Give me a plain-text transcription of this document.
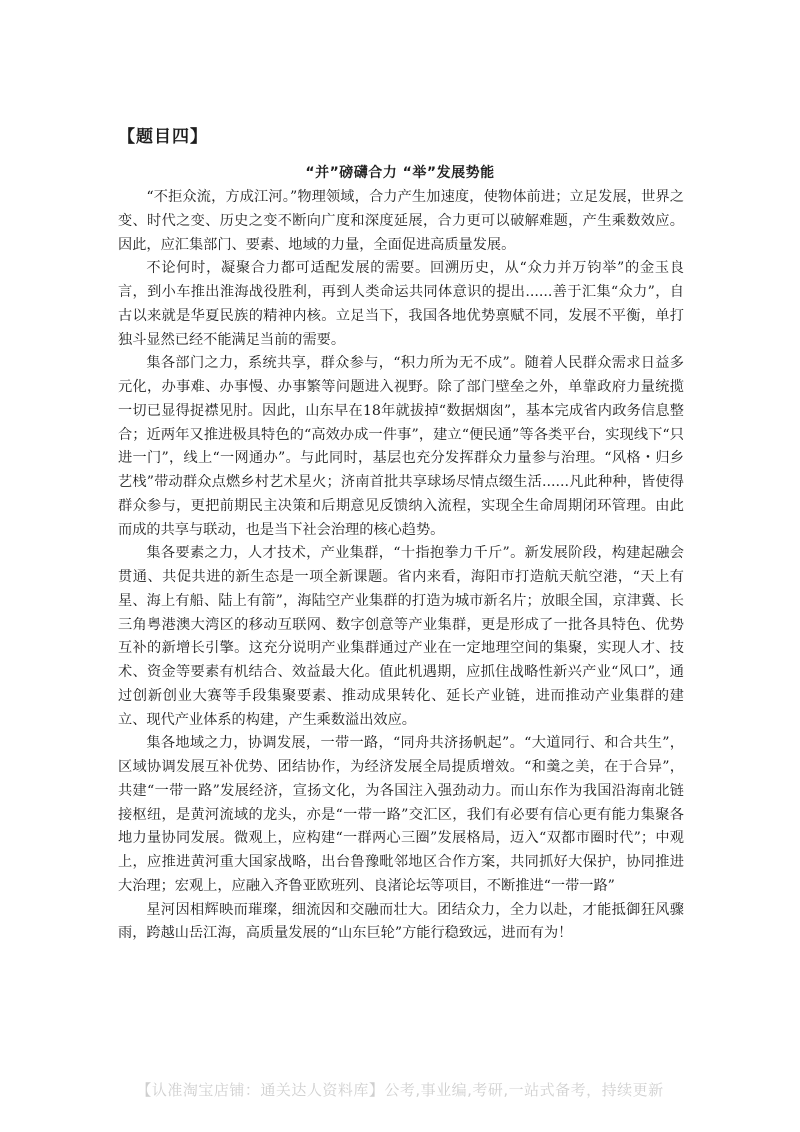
【题目四】
“并”磅礴合力 “举”发展势能

“不拒众流，方成江河。”物理领域，合力产生加速度，使物体前进；立足发展，世界之变、时代之变、历史之变不断向广度和深度延展，合力更可以破解难题，产生乘数效应。因此，应汇集部门、要素、地域的力量，全面促进高质量发展。

不论何时，凝聚合力都可适配发展的需要。回溯历史，从“众力并万钧举”的金玉良言，到小车推出淮海战役胜利，再到人类命运共同体意识的提出......善于汇集“众力”，自古以来就是华夏民族的精神内核。立足当下，我国各地优势禀赋不同，发展不平衡，单打独斗显然已经不能满足当前的需要。

集各部门之力，系统共享，群众参与，“积力所为无不成”。随着人民群众需求日益多元化，办事难、办事慢、办事繁等问题进入视野。除了部门壁垒之外，单靠政府力量统揽一切已显得捉襟见肘。因此，山东早在18年就拔掉“数据烟囱”，基本完成省内政务信息整合；近两年又推进极具特色的“高效办成一件事”，建立“便民通”等各类平台，实现线下“只进一门”，线上“一网通办”。与此同时，基层也充分发挥群众力量参与治理。“风格・归乡艺栈”带动群众点燃乡村艺术星火；济南首批共享球场尽情点缀生活......凡此种种，皆使得群众参与，更把前期民主决策和后期意见反馈纳入流程，实现全生命周期闭环管理。由此而成的共享与联动，也是当下社会治理的核心趋势。

集各要素之力，人才技术，产业集群，“十指抱拳力千斤”。新发展阶段，构建起融会贯通、共促共进的新生态是一项全新课题。省内来看，海阳市打造航天航空港，“天上有星、海上有船、陆上有箭”，海陆空产业集群的打造为城市新名片；放眼全国，京津冀、长三角粤港澳大湾区的移动互联网、数字创意等产业集群，更是形成了一批各具特色、优势互补的新增长引擎。这充分说明产业集群通过产业在一定地理空间的集聚，实现人才、技术、资金等要素有机结合、效益最大化。值此机遇期，应抓住战略性新兴产业“风口”，通过创新创业大赛等手段集聚要素、推动成果转化、延长产业链，进而推动产业集群的建立、现代产业体系的构建，产生乘数溢出效应。

集各地域之力，协调发展，一带一路，“同舟共济扬帆起”。“大道同行、和合共生”，区域协调发展互补优势、团结协作，为经济发展全局提质增效。“和羹之美，在于合异”，共建“一带一路”发展经济，宣扬文化，为各国注入强劲动力。而山东作为我国沿海南北链接枢纽，是黄河流域的龙头，亦是“一带一路”交汇区，我们有必要有信心更有能力集聚各地力量协同发展。微观上，应构建“一群两心三圈”发展格局，迈入“双都市圈时代”；中观上，应推进黄河重大国家战略，出台鲁豫毗邻地区合作方案，共同抓好大保护，协同推进大治理；宏观上，应融入齐鲁亚欧班列、良渚论坛等项目，不断推进“一带一路”

星河因相辉映而璀璨，细流因和交融而壮大。团结众力，全力以赴，才能抵御狂风骤雨，跨越山岳江海，高质量发展的“山东巨轮”方能行稳致远，进而有为！

【认准淘宝店铺：通关达人资料库】公考,事业编,考研,一站式备考，持续更新
